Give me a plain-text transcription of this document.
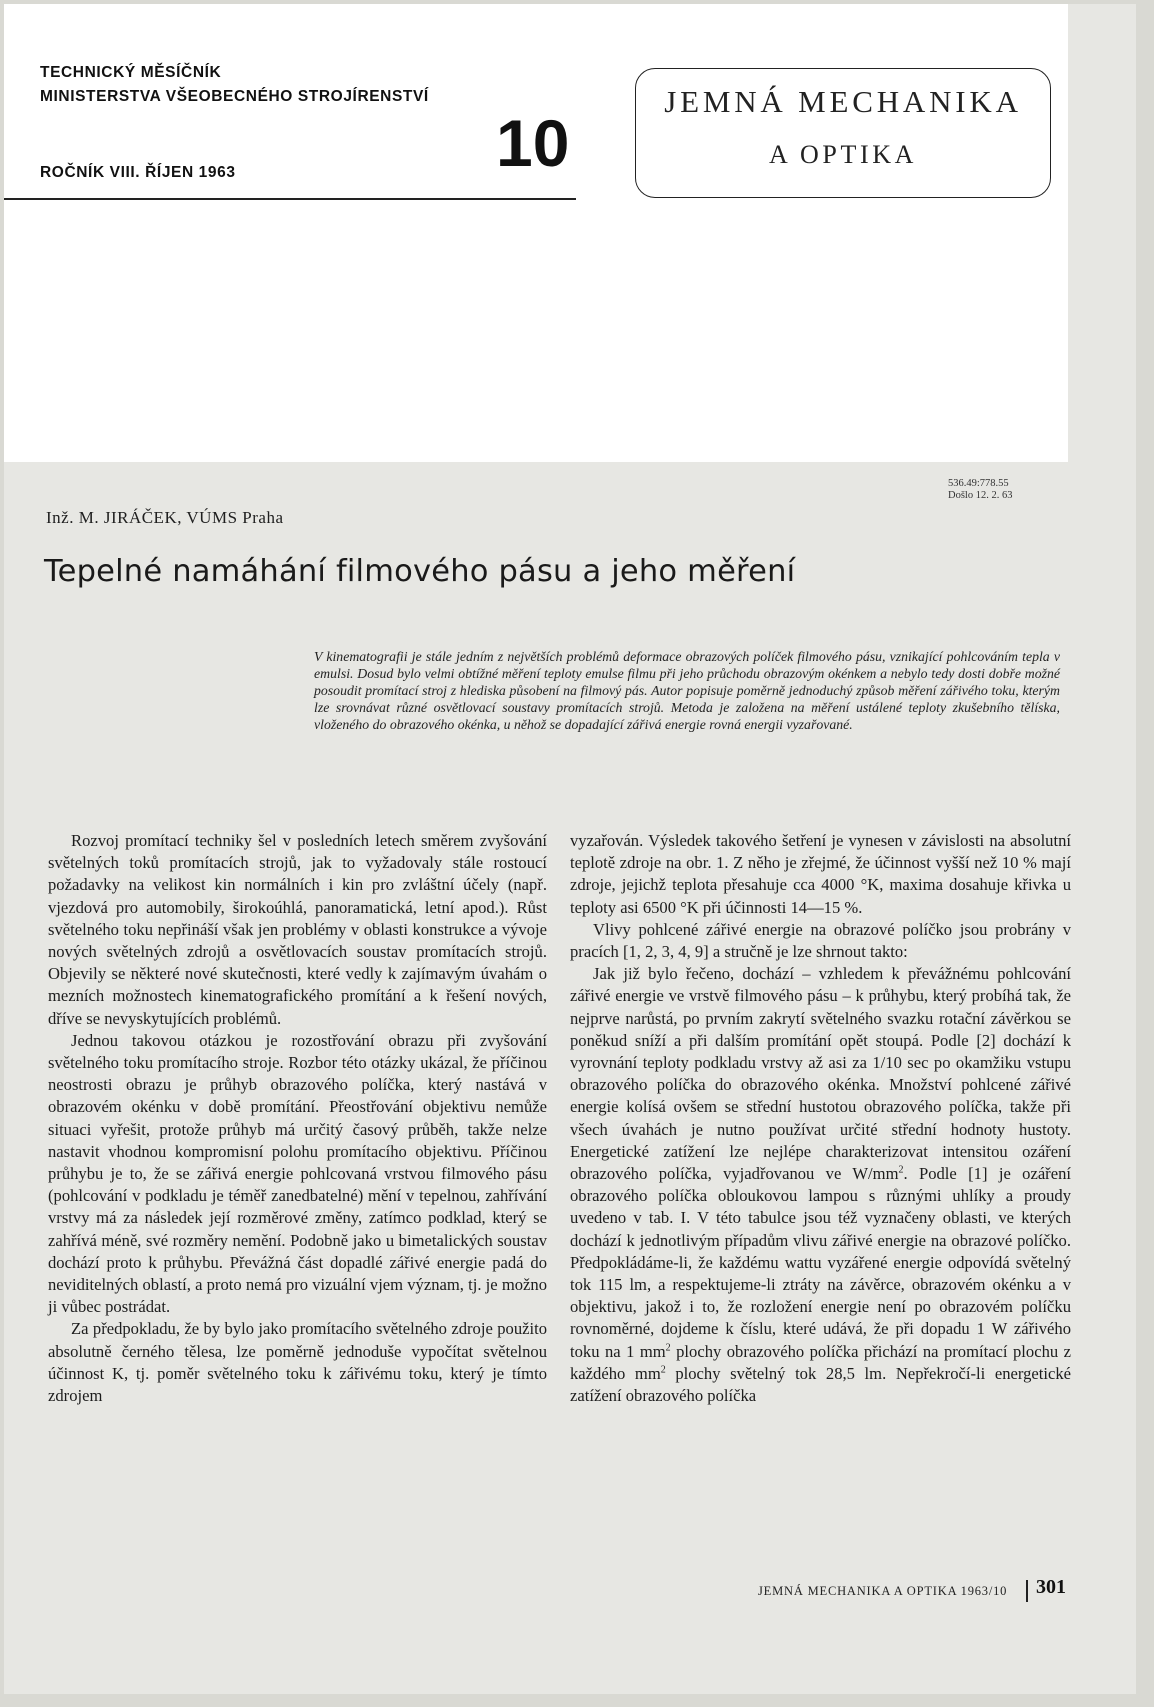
TECHNICKÝ MĚSÍČNÍK
MINISTERSTVA VŠEOBECNÉHO STROJÍRENSTVÍ
ROČNÍK VIII. ŘÍJEN 1963	10
JEMNÁ MECHANIKA
A OPTIKA
536.49:778.55
Došlo 12. 2. 63
Inž. M. JIRÁČEK, VÚMS Praha
Tepelné namáhání filmového pásu a jeho měření

V kinematografii je stále jedním z největších problémů deformace obrazových políček filmového pásu, vznikající pohlcováním tepla v emulsi. Dosud bylo velmi obtížné měření teploty emulse filmu při jeho průchodu obrazovým okénkem a nebylo tedy dosti dobře možné posoudit promítací stroj z hlediska působení na filmový pás. Autor popisuje poměrně jednoduchý způsob měření zářivého toku, kterým lze srovnávat různé osvětlovací soustavy promítacích strojů. Metoda je založena na měření ustálené teploty zkušebního tělíska, vloženého do obrazového okénka, u něhož se dopadající zářivá energie rovná energii vyzařované.

Rozvoj promítací techniky šel v posledních letech směrem zvyšování světelných toků promítacích strojů, jak to vyžadovaly stále rostoucí požadavky na velikost kin normálních i kin pro zvláštní účely (např. vjezdová pro automobily, širokoúhlá, panoramatická, letní apod.). Růst světelného toku nepřináší však jen problémy v oblasti konstrukce a vývoje nových světelných zdrojů a osvětlovacích soustav promítacích strojů. Objevily se některé nové skutečnosti, které vedly k zajímavým úvahám o mezních možnostech kinematografického promítání a k řešení nových, dříve se nevyskytujících problémů.

Jednou takovou otázkou je rozostřování obrazu při zvyšování světelného toku promítacího stroje. Rozbor této otázky ukázal, že příčinou neostrosti obrazu je průhyb obrazového políčka, který nastává v obrazovém okénku v době promítání. Přeostřování objektivu nemůže situaci vyřešit, protože průhyb má určitý časový průběh, takže nelze nastavit vhodnou kompromisní polohu promítacího objektivu. Příčinou průhybu je to, že se zářivá energie pohlcovaná vrstvou filmového pásu (pohlcování v podkladu je téměř zanedbatelné) mění v tepelnou, zahřívání vrstvy má za následek její rozměrové změny, zatímco podklad, který se zahřívá méně, své rozměry nemění. Podobně jako u bimetalických soustav dochází proto k průhybu. Převážná část dopadlé zářivé energie padá do neviditelných oblastí, a proto nemá pro vizuální vjem význam, tj. je možno ji vůbec postrádat.

Za předpokladu, že by bylo jako promítacího světelného zdroje použito absolutně černého tělesa, lze poměrně jednoduše vypočítat světelnou účinnost K, tj. poměr světelného toku k zářivému toku, který je tímto zdrojem

vyzařován. Výsledek takového šetření je vynesen v závislosti na absolutní teplotě zdroje na obr. 1. Z něho je zřejmé, že účinnost vyšší než 10 % mají zdroje, jejichž teplota přesahuje cca 4000 °K, maxima dosahuje křivka u teploty asi 6500 °K při účinnosti 14—15 %.

Vlivy pohlcené zářivé energie na obrazové políčko jsou probrány v pracích [1, 2, 3, 4, 9] a stručně je lze shrnout takto:

Jak již bylo řečeno, dochází – vzhledem k převážnému pohlcování zářivé energie ve vrstvě filmového pásu – k průhybu, který probíhá tak, že nejprve narůstá, po prvním zakrytí světelného svazku rotační závěrkou se poněkud sníží a při dalším promítání opět stoupá. Podle [2] dochází k vyrovnání teploty podkladu vrstvy až asi za 1/10 sec po okamžiku vstupu obrazového políčka do obrazového okénka. Množství pohlcené zářivé energie kolísá ovšem se střední hustotou obrazového políčka, takže při všech úvahách je nutno používat určité střední hodnoty hustoty. Energetické zatížení lze nejlépe charakterizovat intensitou ozáření obrazového políčka, vyjadřovanou ve $W/mm^2$. Podle [1] je ozáření obrazového políčka obloukovou lampou s různými uhlíky a proudy uvedeno v tab. I. V této tabulce jsou též vyznačeny oblasti, ve kterých dochází k jednotlivým případům vlivu zářivé energie na obrazové políčko. Předpokládáme-li, že každému wattu vyzářené energie odpovídá světelný tok 115 lm, a respektujeme-li ztráty na závěrce, obrazovém okénku a v objektivu, jakož i to, že rozložení energie není po obrazovém políčku rovnoměrné, dojdeme k číslu, které udává, že při dopadu 1 W zářivého toku na 1 $mm^2$ plochy obrazového políčka přichází na promítací plochu z každého $mm^2$ plochy světelný tok 28,5 lm. Nepřekročí-li energetické zatížení obrazového políčka

JEMNÁ MECHANIKA A OPTIKA 1963/10 301
